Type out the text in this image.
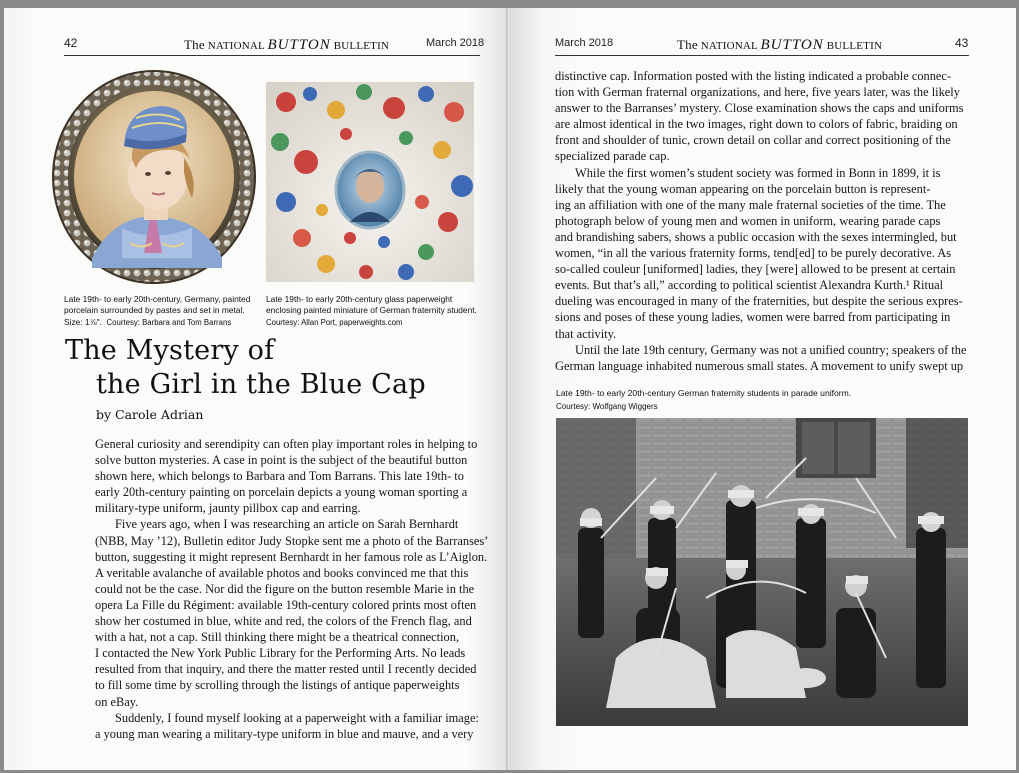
42	The NATIONAL BUTTON BULLETIN	March 2018
Late 19th- to early 20th-century, Germany, painted
porcelain surrounded by pastes and set in metal.
Size: 1⅞". Courtesy: Barbara and Tom Barrans
Late 19th- to early 20th-century glass paperweight
enclosing painted miniature of German fraternity student.
Courtesy: Allan Port, paperweights.com
The Mystery of
the Girl in the Blue Cap
by Carole Adrian
General curiosity and serendipity can often play important roles in helping to
solve button mysteries. A case in point is the subject of the beautiful button
shown here, which belongs to Barbara and Tom Barrans. This late 19th- to
early 20th-century painting on porcelain depicts a young woman sporting a
military-type uniform, jaunty pillbox cap and earring.
Five years ago, when I was researching an article on Sarah Bernhardt
(NBB, May ’12), Bulletin editor Judy Stopke sent me a photo of the Barranses’
button, suggesting it might represent Bernhardt in her famous role as L’Aiglon.
A veritable avalanche of available photos and books convinced me that this
could not be the case. Nor did the figure on the button resemble Marie in the
opera La Fille du Régiment: available 19th-century colored prints most often
show her costumed in blue, white and red, the colors of the French flag, and
with a hat, not a cap. Still thinking there might be a theatrical connection,
I contacted the New York Public Library for the Performing Arts. No leads
resulted from that inquiry, and there the matter rested until I recently decided
to fill some time by scrolling through the listings of antique paperweights
on eBay.
Suddenly, I found myself looking at a paperweight with a familiar image:
a young man wearing a military-type uniform in blue and mauve, and a very
March 2018	The NATIONAL BUTTON BULLETIN	43
distinctive cap. Information posted with the listing indicated a probable connec-
tion with German fraternal organizations, and here, five years later, was the likely
answer to the Barranses’ mystery. Close examination shows the caps and uniforms
are almost identical in the two images, right down to colors of fabric, braiding on
front and shoulder of tunic, crown detail on collar and correct positioning of the
specialized parade cap.
While the first women’s student society was formed in Bonn in 1899, it is
likely that the young woman appearing on the porcelain button is represent-
ing an affiliation with one of the many male fraternal societies of the time. The
photograph below of young men and women in uniform, wearing parade caps
and brandishing sabers, shows a public occasion with the sexes intermingled, but
women, “in all the various fraternity forms, tend[ed] to be purely decorative. As
so-called couleur [uniformed] ladies, they [were] allowed to be present at certain
events. But that’s all,” according to political scientist Alexandra Kurth.¹ Ritual
dueling was encouraged in many of the fraternities, but despite the serious expres-
sions and poses of these young ladies, women were barred from participating in
that activity.
Until the late 19th century, Germany was not a unified country; speakers of the
German language inhabited numerous small states. A movement to unify swept up
Late 19th- to early 20th-century German fraternity students in parade uniform.
Courtesy: Wolfgang Wiggers
